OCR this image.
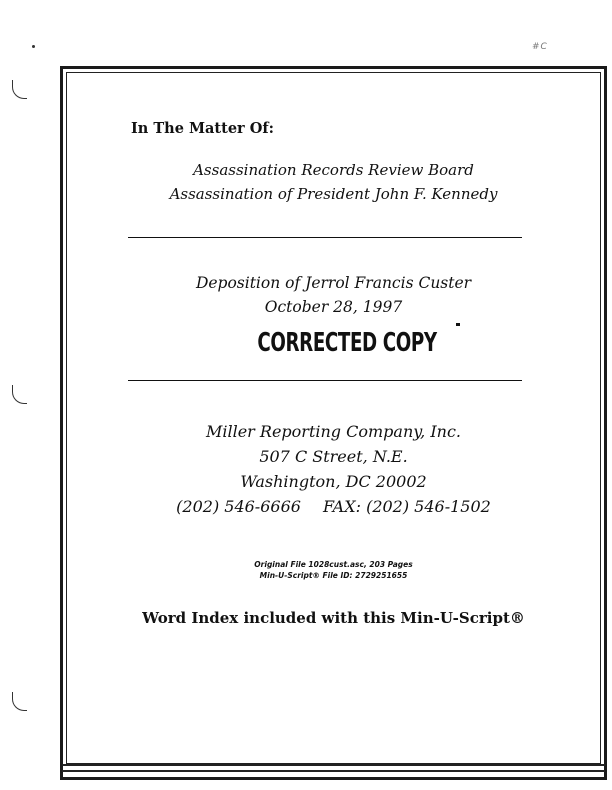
#C
In The Matter Of:
Assassination Records Review Board
Assassination of President John F. Kennedy
Deposition of Jerrol Francis Custer
October 28, 1997
CORRECTED COPY
Miller Reporting Company, Inc.
507 C Street, N.E.
Washington, DC 20002
(202) 546-6666 FAX: (202) 546-1502
Original File 1028cust.asc, 203 Pages
Min-U-Script® File ID: 2729251655
Word Index included with this Min-U-Script®
